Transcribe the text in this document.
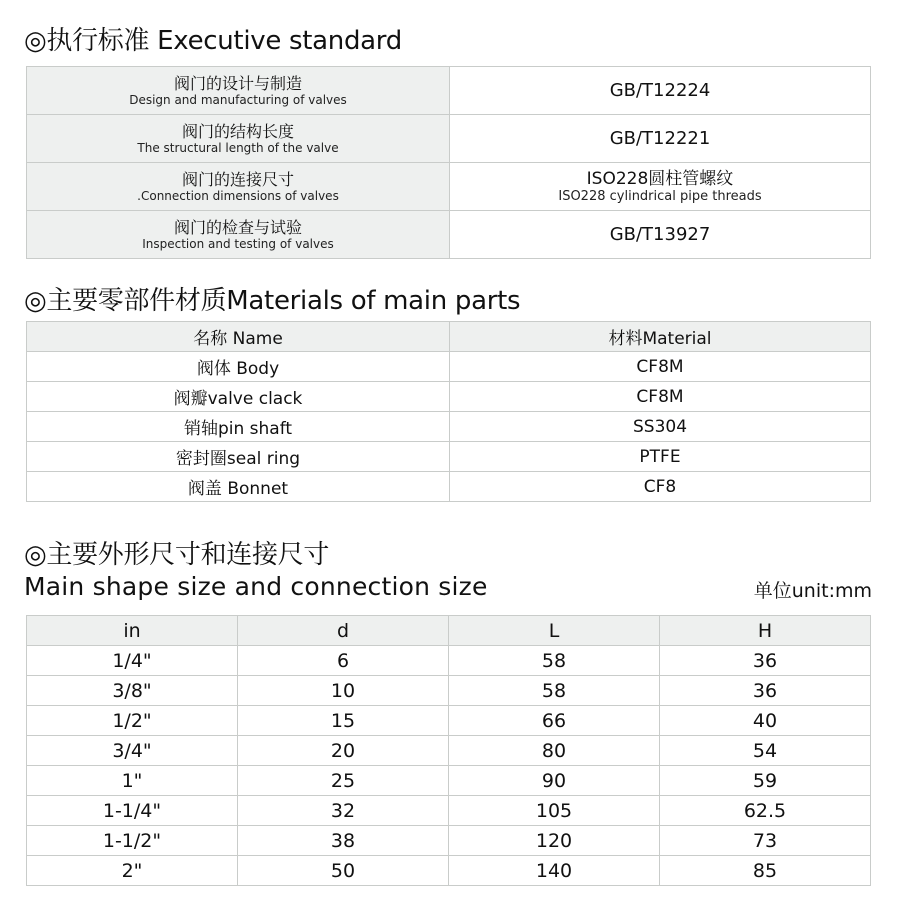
◎执行标准 Executive standard
阀门的设计与制造
Design and manufacturing of valves	GB/T12224

阀门的结构长度
The structural length of the valve	GB/T12221

阀门的连接尺寸
.Connection dimensions of valves	ISO228圆柱管螺纹
ISO228 cylindrical pipe threads

阀门的检查与试验
Inspection and testing of valves	GB/T13927
◎主要零部件材质Materials of main parts
名称 Name	材料Material
阀体 Body	CF8M
阀瓣valve clack	CF8M
销轴pin shaft	SS304
密封圈seal ring	PTFE
阀盖 Bonnet	CF8
◎主要外形尺寸和连接尺寸
Main shape size and connection size	单位unit:mm
in	d	L	H
1/4"	6	58	36
3/8"	10	58	36
1/2"	15	66	40
3/4"	20	80	54
1"	25	90	59
1-1/4"	32	105	62.5
1-1/2"	38	120	73
2"	50	140	85
